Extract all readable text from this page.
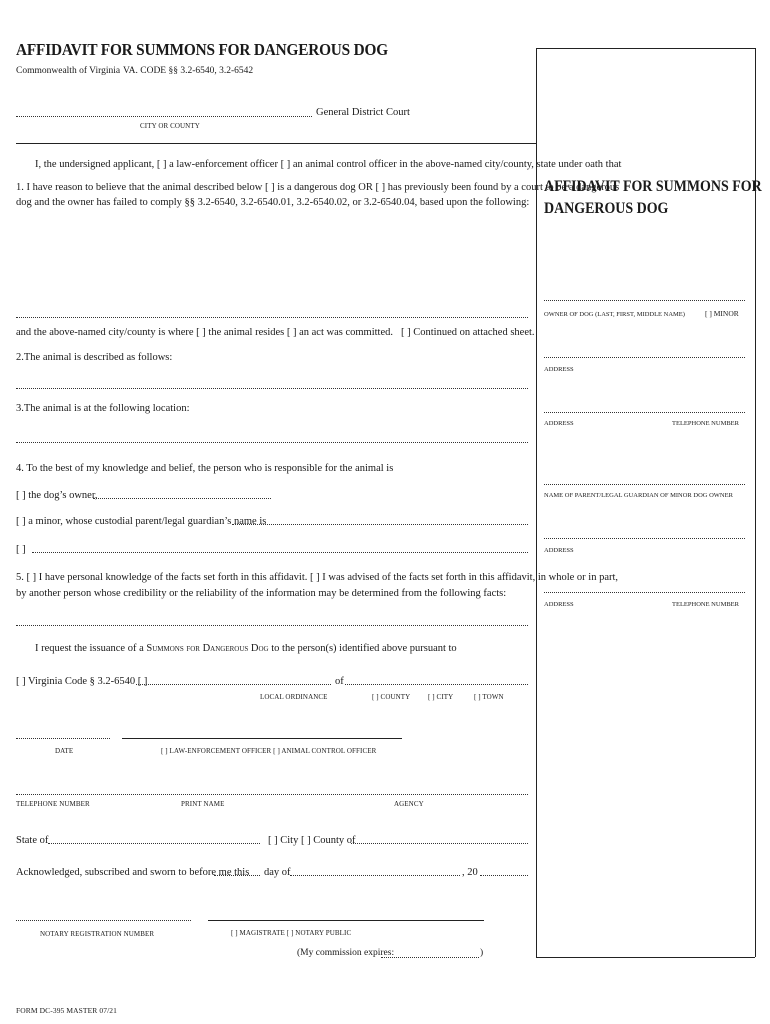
AFFIDAVIT FOR SUMMONS FOR DANGEROUS DOG
Commonwealth of Virginia VA. CODE §§ 3.2-6540, 3.2-6542
General District Court
CITY OR COUNTY
I, the undersigned applicant, [ ] a law-enforcement officer [ ] an animal control officer in the above-named city/county, state under oath that
1. I have reason to believe that the animal described below [ ] is a dangerous dog OR [ ] has previously been found by a court to be a dangerous
dog and the owner has failed to comply §§ 3.2-6540, 3.2-6540.01, 3.2-6540.02, or 3.2-6540.04, based upon the following:
and the above-named city/county is where [ ] the animal resides [ ] an act was committed. [ ] Continued on attached sheet.
2.The animal is described as follows:
3.The animal is at the following location:
4. To the best of my knowledge and belief, the person who is responsible for the animal is
[ ] the dog’s owner,
[ ] a minor, whose custodial parent/legal guardian’s name is
[ ]
5. [ ] I have personal knowledge of the facts set forth in this affidavit. [ ] I was advised of the facts set forth in this affidavit, in whole or in part,
by another person whose credibility or the reliability of the information may be determined from the following facts:
I request the issuance of a Summons for Dangerous Dog to the person(s) identified above pursuant to
[ ] Virginia Code § 3.2-6540 [ ]	of
LOCAL ORDINANCE	[ ] COUNTY	[ ] CITY	[ ] TOWN
DATE	[ ] LAW-ENFORCEMENT OFFICER [ ] ANIMAL CONTROL OFFICER
TELEPHONE NUMBER	PRINT NAME	AGENCY
State of	[ ] City [ ] County of
Acknowledged, subscribed and sworn to before me this day of	, 20
NOTARY REGISTRATION NUMBER	[ ] MAGISTRATE [ ] NOTARY PUBLIC
(My commission expires:	)
FORM DC-395 MASTER 07/21
AFFIDAVIT FOR SUMMONS FOR
DANGEROUS DOG
OWNER OF DOG (LAST, FIRST, MIDDLE NAME)	[ ] MINOR
ADDRESS
ADDRESS	TELEPHONE NUMBER
NAME OF PARENT/LEGAL GUARDIAN OF MINOR DOG OWNER
ADDRESS
ADDRESS	TELEPHONE NUMBER
